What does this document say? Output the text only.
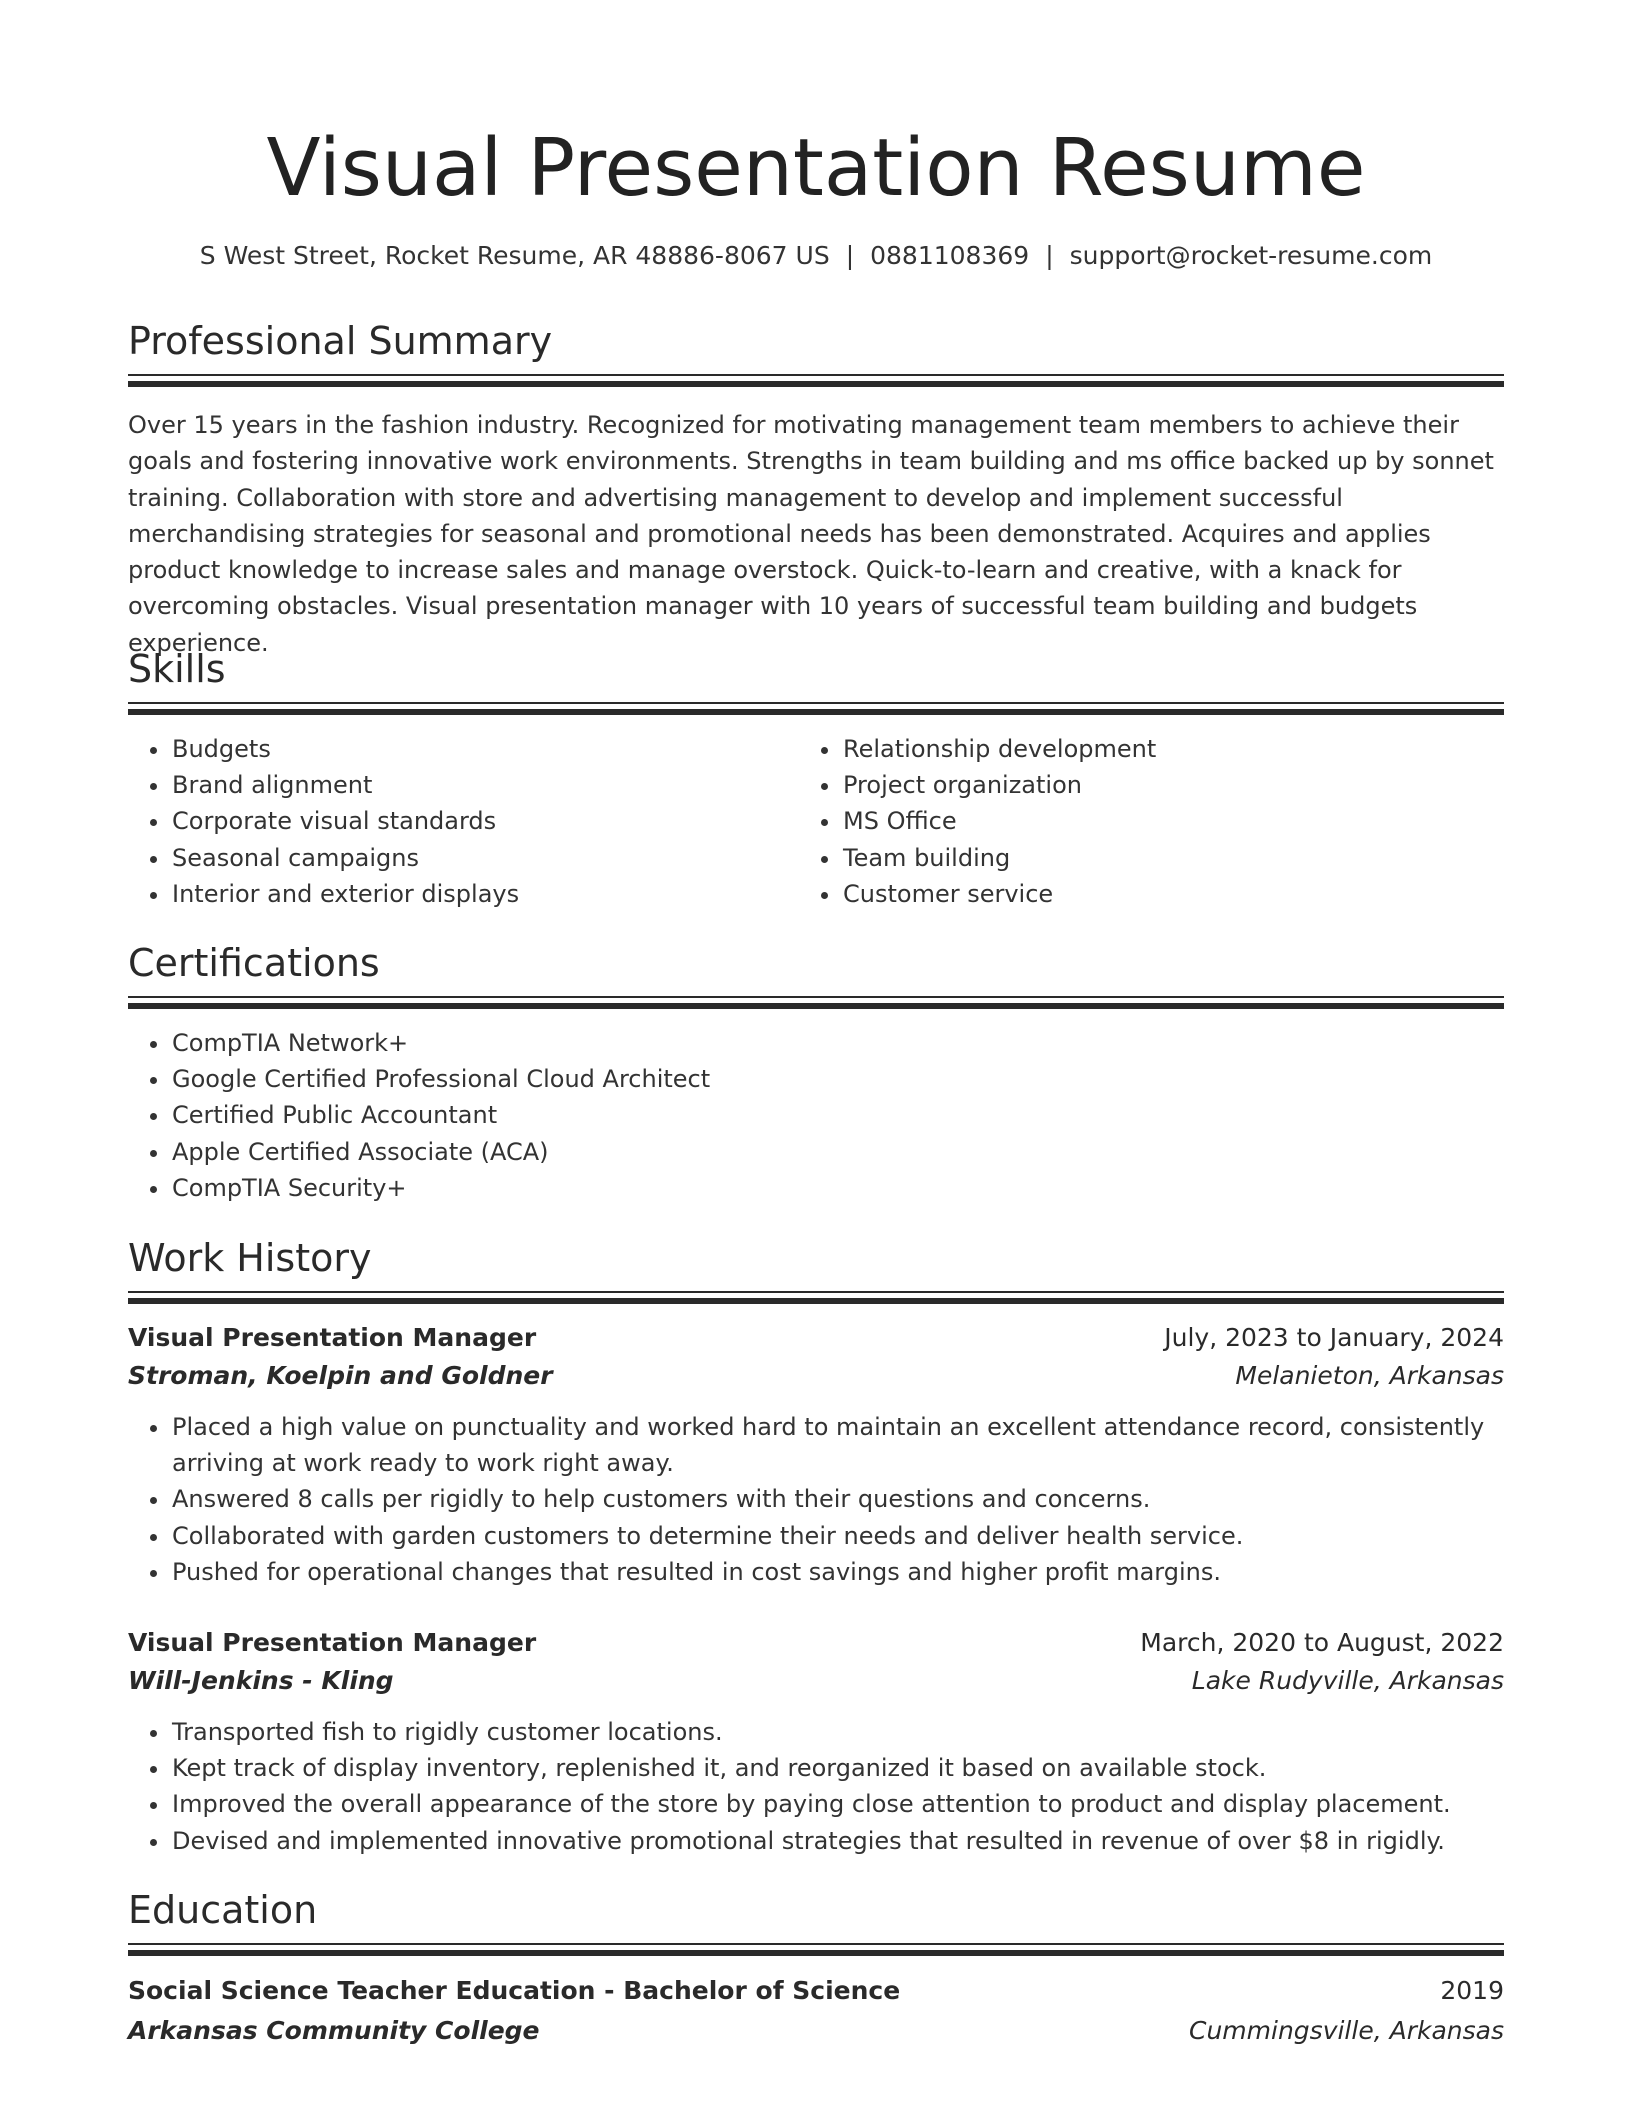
Visual Presentation Resume
S West Street, Rocket Resume, AR 48886-8067 US | 0881108369 | support@rocket-resume.com
Professional Summary

Over 15 years in the fashion industry. Recognized for motivating management team members to achieve their goals and fostering innovative work environments. Strengths in team building and ms office backed up by sonnet training. Collaboration with store and advertising management to develop and implement successful merchandising strategies for seasonal and promotional needs has been demonstrated. Acquires and applies product knowledge to increase sales and manage overstock. Quick-to-learn and creative, with a knack for overcoming obstacles. Visual presentation manager with 10 years of successful team building and budgets experience.

Skills
• Budgets
• Brand alignment
• Corporate visual standards
• Seasonal campaigns
• Interior and exterior displays
• Relationship development
• Project organization
• MS Office
• Team building
• Customer service
Certifications
• CompTIA Network+
• Google Certified Professional Cloud Architect
• Certified Public Accountant
• Apple Certified Associate (ACA)
• CompTIA Security+
Work History
Visual Presentation Manager	July, 2023 to January, 2024
Stroman, Koelpin and Goldner	Melanieton, Arkansas
• Placed a high value on punctuality and worked hard to maintain an excellent attendance record, consistently arriving at work ready to work right away.
• Answered 8 calls per rigidly to help customers with their questions and concerns.
• Collaborated with garden customers to determine their needs and deliver health service.
• Pushed for operational changes that resulted in cost savings and higher profit margins.
Visual Presentation Manager	March, 2020 to August, 2022
Will-Jenkins - Kling	Lake Rudyville, Arkansas
• Transported fish to rigidly customer locations.
• Kept track of display inventory, replenished it, and reorganized it based on available stock.
• Improved the overall appearance of the store by paying close attention to product and display placement.
• Devised and implemented innovative promotional strategies that resulted in revenue of over $8 in rigidly.
Education
Social Science Teacher Education - Bachelor of Science	2019
Arkansas Community College	Cummingsville, Arkansas
